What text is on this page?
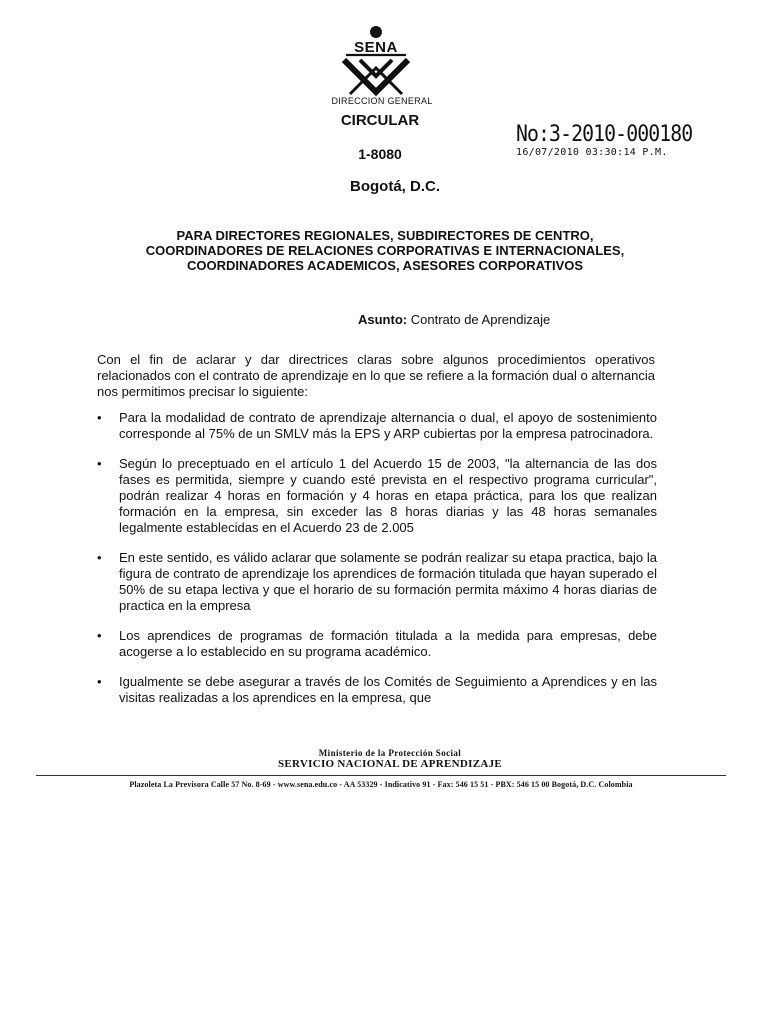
SENA
DIRECCION GENERAL
CIRCULAR
1-8080
Bogotá, D.C.
No:3-2010-000180
16/07/2010 03:30:14 P.M.
PARA DIRECTORES REGIONALES, SUBDIRECTORES DE CENTRO, COORDINADORES DE RELACIONES CORPORATIVAS E INTERNACIONALES, COORDINADORES ACADEMICOS, ASESORES CORPORATIVOS
Asunto: Contrato de Aprendizaje
Con el fin de aclarar y dar directrices claras sobre algunos procedimientos operativos relacionados con el contrato de aprendizaje en lo que se refiere a la formación dual o alternancia nos permitimos precisar lo siguiente:
• Para la modalidad de contrato de aprendizaje alternancia o dual, el apoyo de sostenimiento corresponde al 75% de un SMLV más la EPS y ARP cubiertas por la empresa patrocinadora.
• Según lo preceptuado en el artículo 1 del Acuerdo 15 de 2003, "la alternancia de las dos fases es permitida, siempre y cuando esté prevista en el respectivo programa curricular", podrán realizar 4 horas en formación y 4 horas en etapa práctica, para los que realizan formación en la empresa, sin exceder las 8 horas diarias y las 48 horas semanales legalmente establecidas en el Acuerdo 23 de 2.005
• En este sentido, es válido aclarar que solamente se podrán realizar su etapa practica, bajo la figura de contrato de aprendizaje los aprendices de formación titulada que hayan superado el 50% de su etapa lectiva y que el horario de su formación permita máximo 4 horas diarias de practica en la empresa
• Los aprendices de programas de formación titulada a la medida para empresas, debe acogerse a lo establecido en su programa académico.
• Igualmente se debe asegurar a través de los Comités de Seguimiento a Aprendices y en las visitas realizadas a los aprendices en la empresa, que
Ministerio de la Protección Social
SERVICIO NACIONAL DE APRENDIZAJE
Plazoleta La Previsora Calle 57 No. 8-69 - www.sena.edu.co - AA 53329 - Indicativo 91 - Fax: 546 15 51 - PBX: 546 15 00 Bogotá, D.C. Colombia
